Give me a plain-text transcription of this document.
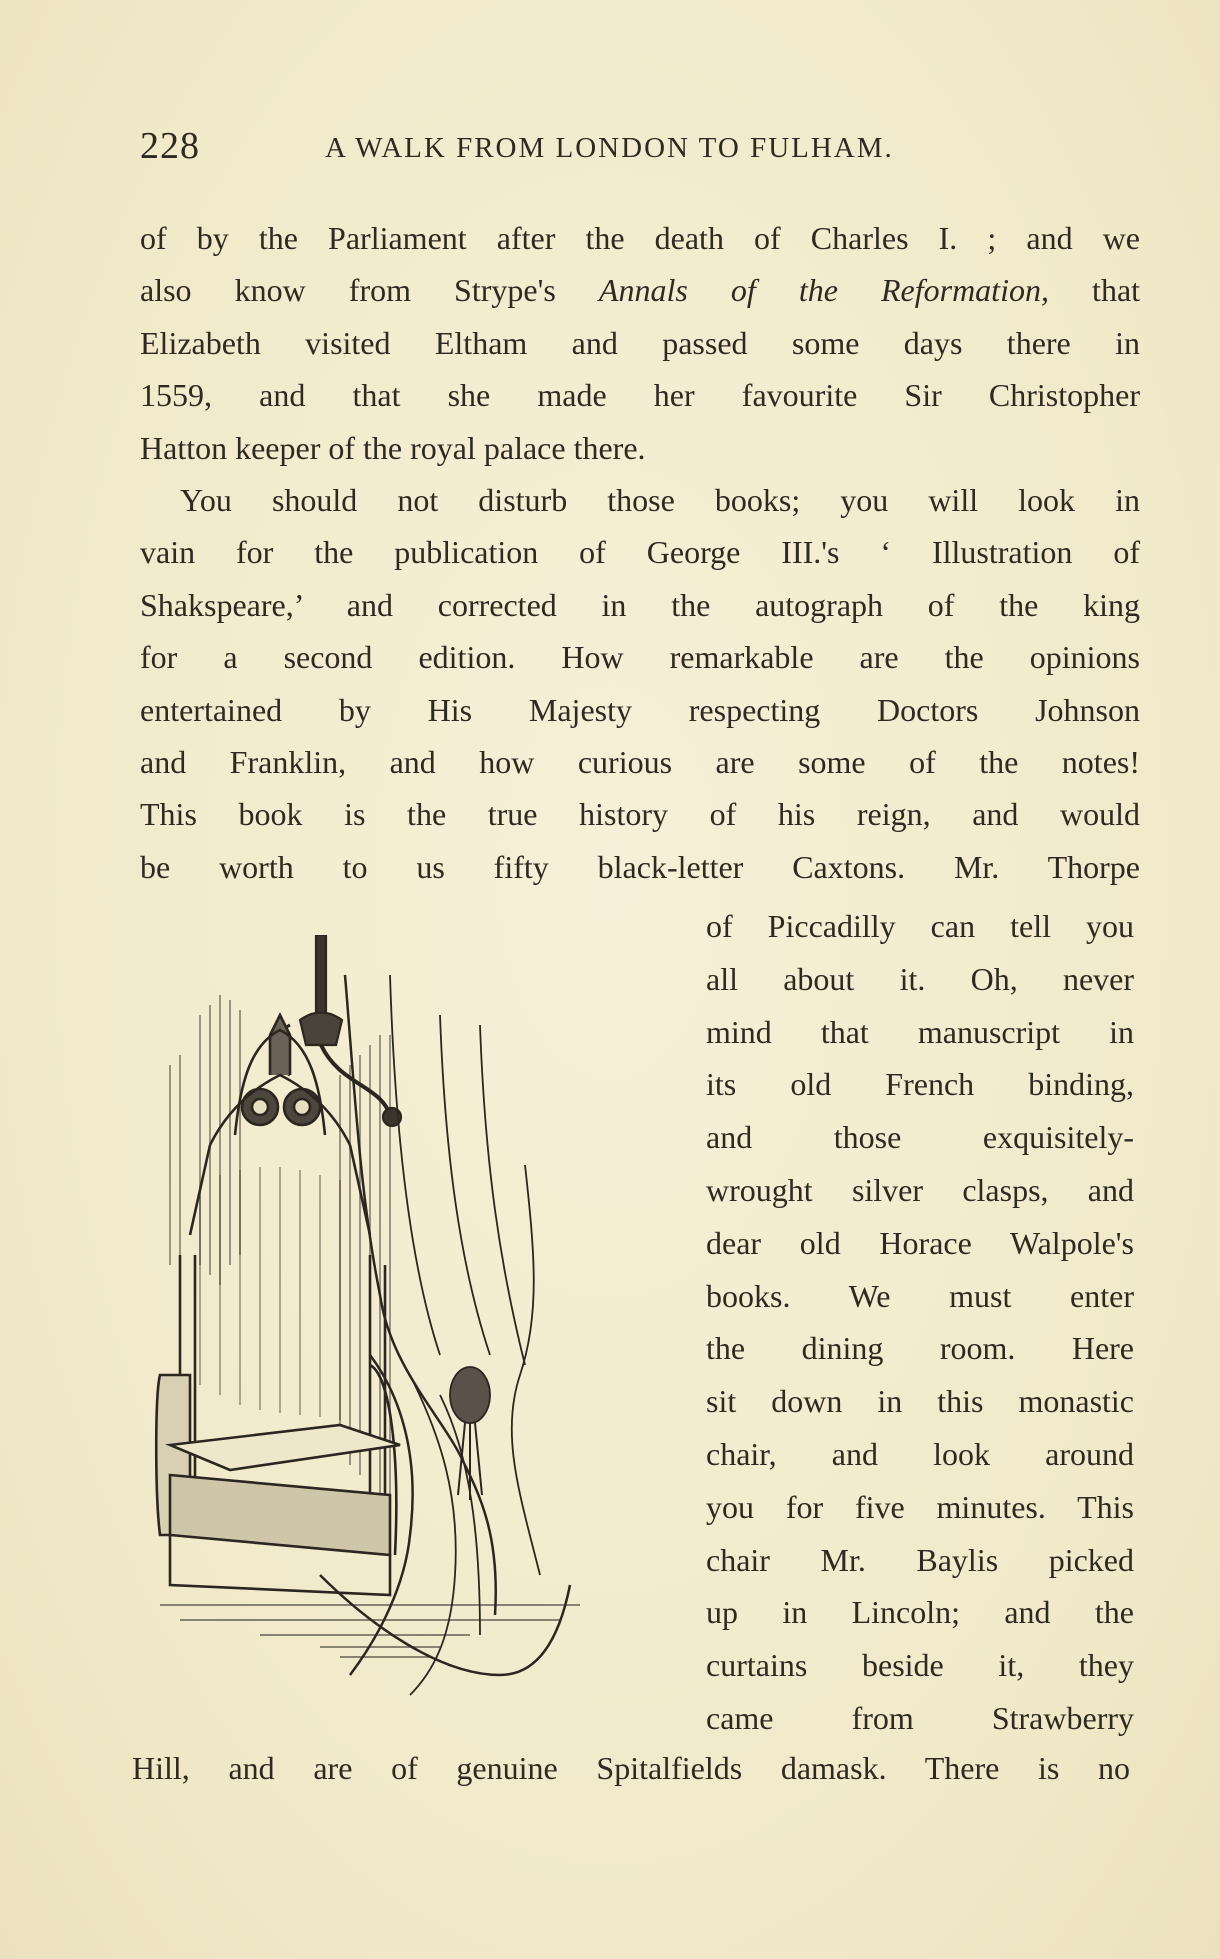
228	A WALK FROM LONDON TO FULHAM.
of by the Parliament after the death of Charles I. ; and we
also know from Strype's Annals of the Reformation, that
Elizabeth visited Eltham and passed some days there in
1559, and that she made her favourite Sir Christopher
Hatton keeper of the royal palace there.
You should not disturb those books; you will look in
vain for the publication of George III.'s ‘ Illustration of
Shakspeare,’ and corrected in the autograph of the king
for a second edition. How remarkable are the opinions
entertained by His Majesty respecting Doctors Johnson
and Franklin, and how curious are some of the notes!
This book is the true history of his reign, and would
be worth to us fifty black-letter Caxtons. Mr. Thorpe
of Piccadilly can tell you
all about it. Oh, never
mind that manuscript in
its old French binding,
and those exquisitely-
wrought silver clasps, and
dear old Horace Walpole's
books. We must enter
the dining room. Here
sit down in this monastic
chair, and look around
you for five minutes. This
chair Mr. Baylis picked
up in Lincoln; and the
curtains beside it, they
came from Strawberry
Hill, and are of genuine Spitalfields damask. There is no
